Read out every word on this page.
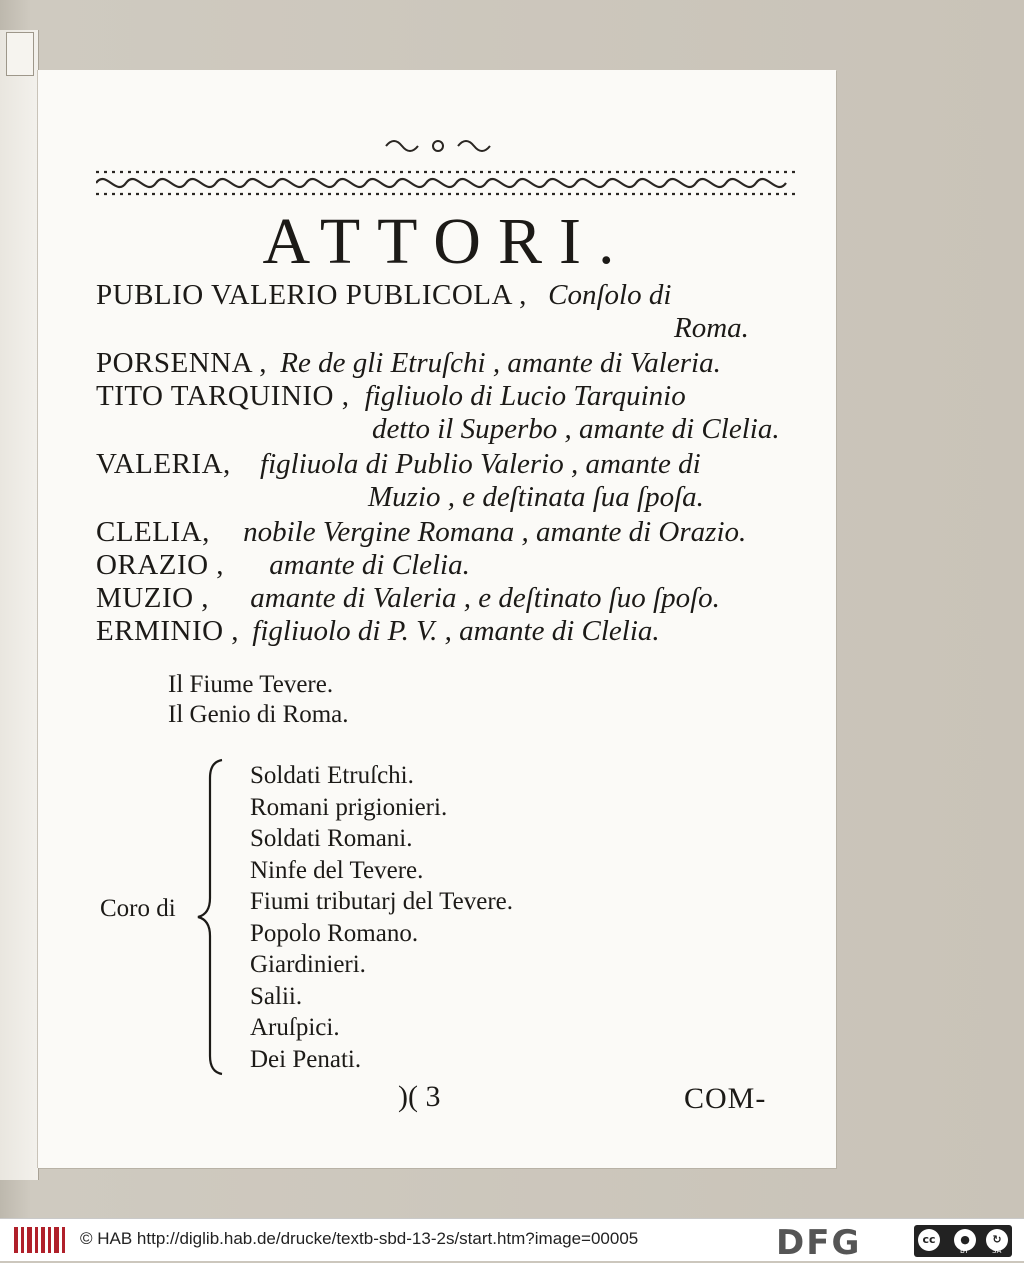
ATTORI.
PUBLIO VALERIO PUBLICOLA , Conſolo di
Roma.
PORSENNA , Re de gli Etruſchi , amante di Valeria.
TITO TARQUINIO , figliuolo di Lucio Tarquinio
detto il Superbo , amante di Clelia.
VALERIA, figliuola di Publio Valerio , amante di
Muzio , e deſtinata ſua ſpoſa.
CLELIA, nobile Vergine Romana , amante di Orazio.
ORAZIO , amante di Clelia.
MUZIO , amante di Valeria , e deſtinato ſuo ſpoſo.
ERMINIO , figliuolo di P. V. , amante di Clelia.
Il Fiume Tevere.
Il Genio di Roma.
Coro di
Soldati Etruſchi.
Romani prigionieri.
Soldati Romani.
Ninfe del Tevere.
Fiumi tributarj del Tevere.
Popolo Romano.
Giardinieri.
Salii.
Aruſpici.
Dei Penati.
)( 3	COM-
© HAB http://diglib.hab.de/drucke/textb-sbd-13-2s/start.htm?image=00005	DFG	cc	●	↻
BY	SA
